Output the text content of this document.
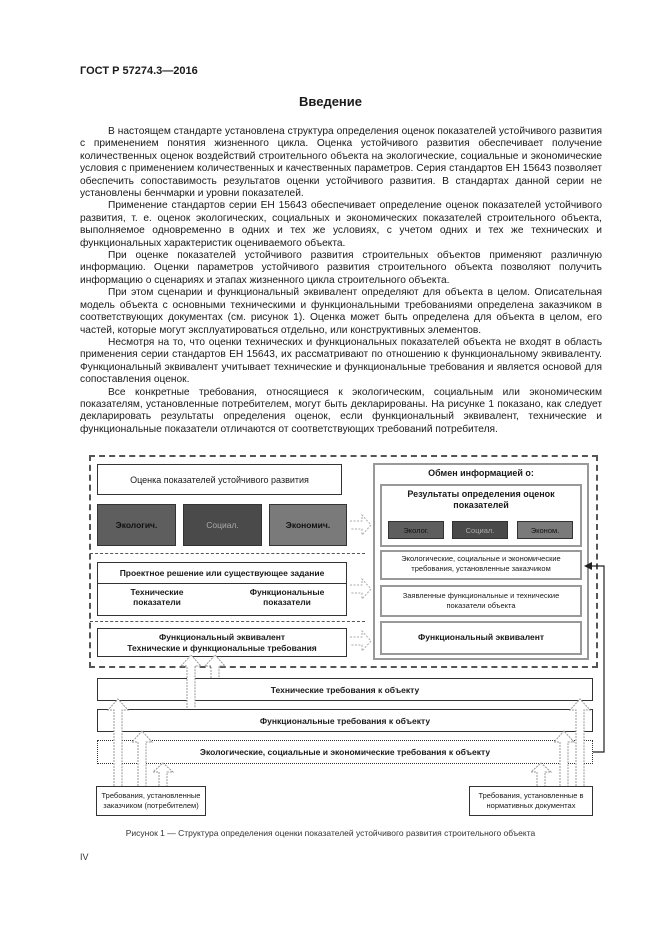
ГОСТ Р 57274.3—2016
Введение

В настоящем стандарте установлена структура определения оценок показателей устойчивого развития с применением понятия жизненного цикла. Оценка устойчивого развития обеспечивает получение количественных оценок воздействий строительного объекта на экологические, социальные и экономические условия с применением количественных и качественных параметров. Серия стандартов ЕН 15643 позволяет обеспечить сопоставимость результатов оценки устойчивого развития. В стандартах данной серии не установлены бенчмарки и уровни показателей.

Применение стандартов серии ЕН 15643 обеспечивает определение оценок показателей устойчивого развития, т. е. оценок экологических, социальных и экономических показателей строительного объекта, выполняемое одновременно в одних и тех же условиях, с учетом одних и тех же технических и функциональных характеристик оцениваемого объекта.

При оценке показателей устойчивого развития строительных объектов применяют различную информацию. Оценки параметров устойчивого развития строительного объекта позволяют получить информацию о сценариях и этапах жизненного цикла строительного объекта.

При этом сценарии и функциональный эквивалент определяют для объекта в целом. Описательная модель объекта с основными техническими и функциональными требованиями определена заказчиком в соответствующих документах (см. рисунок 1). Оценка может быть определена для объекта в целом, его частей, которые могут эксплуатироваться отдельно, или конструктивных элементов.

Несмотря на то, что оценки технических и функциональных показателей объекта не входят в область применения серии стандартов ЕН 15643, их рассматривают по отношению к функциональному эквиваленту. Функциональный эквивалент учитывает технические и функциональные требования и является основой для сопоставления оценок.

Все конкретные требования, относящиеся к экологическим, социальным или экономическим показателям, установленные потребителем, могут быть декларированы. На рисунке 1 показано, как следует декларировать результаты определения оценок, если функциональный эквивалент, технические и функциональные показатели отличаются от соответствующих требований потребителя.

Оценка показателей устойчивого развития
Экологич.	Социал.	Экономич.
Проектное решение или существующее задание
Технические показатели
Функциональные показатели
Функциональный эквивалент
Технические и функциональные требования
Обмен информацией о:
Результаты определения оценок показателей
Эколог.	Социал.	Эконом.
Экологические, социальные и экономические требования, установленные заказчиком
Заявленные функциональные и технические показатели объекта
Функциональный эквивалент
Технические требования к объекту
Функциональные требования к объекту
Экологические, социальные и экономические требования к объекту
Требования, установленные заказчиком (потребителем)
Требования, установленные в нормативных документах
Рисунок 1 — Структура определения оценки показателей устойчивого развития строительного объекта
IV
